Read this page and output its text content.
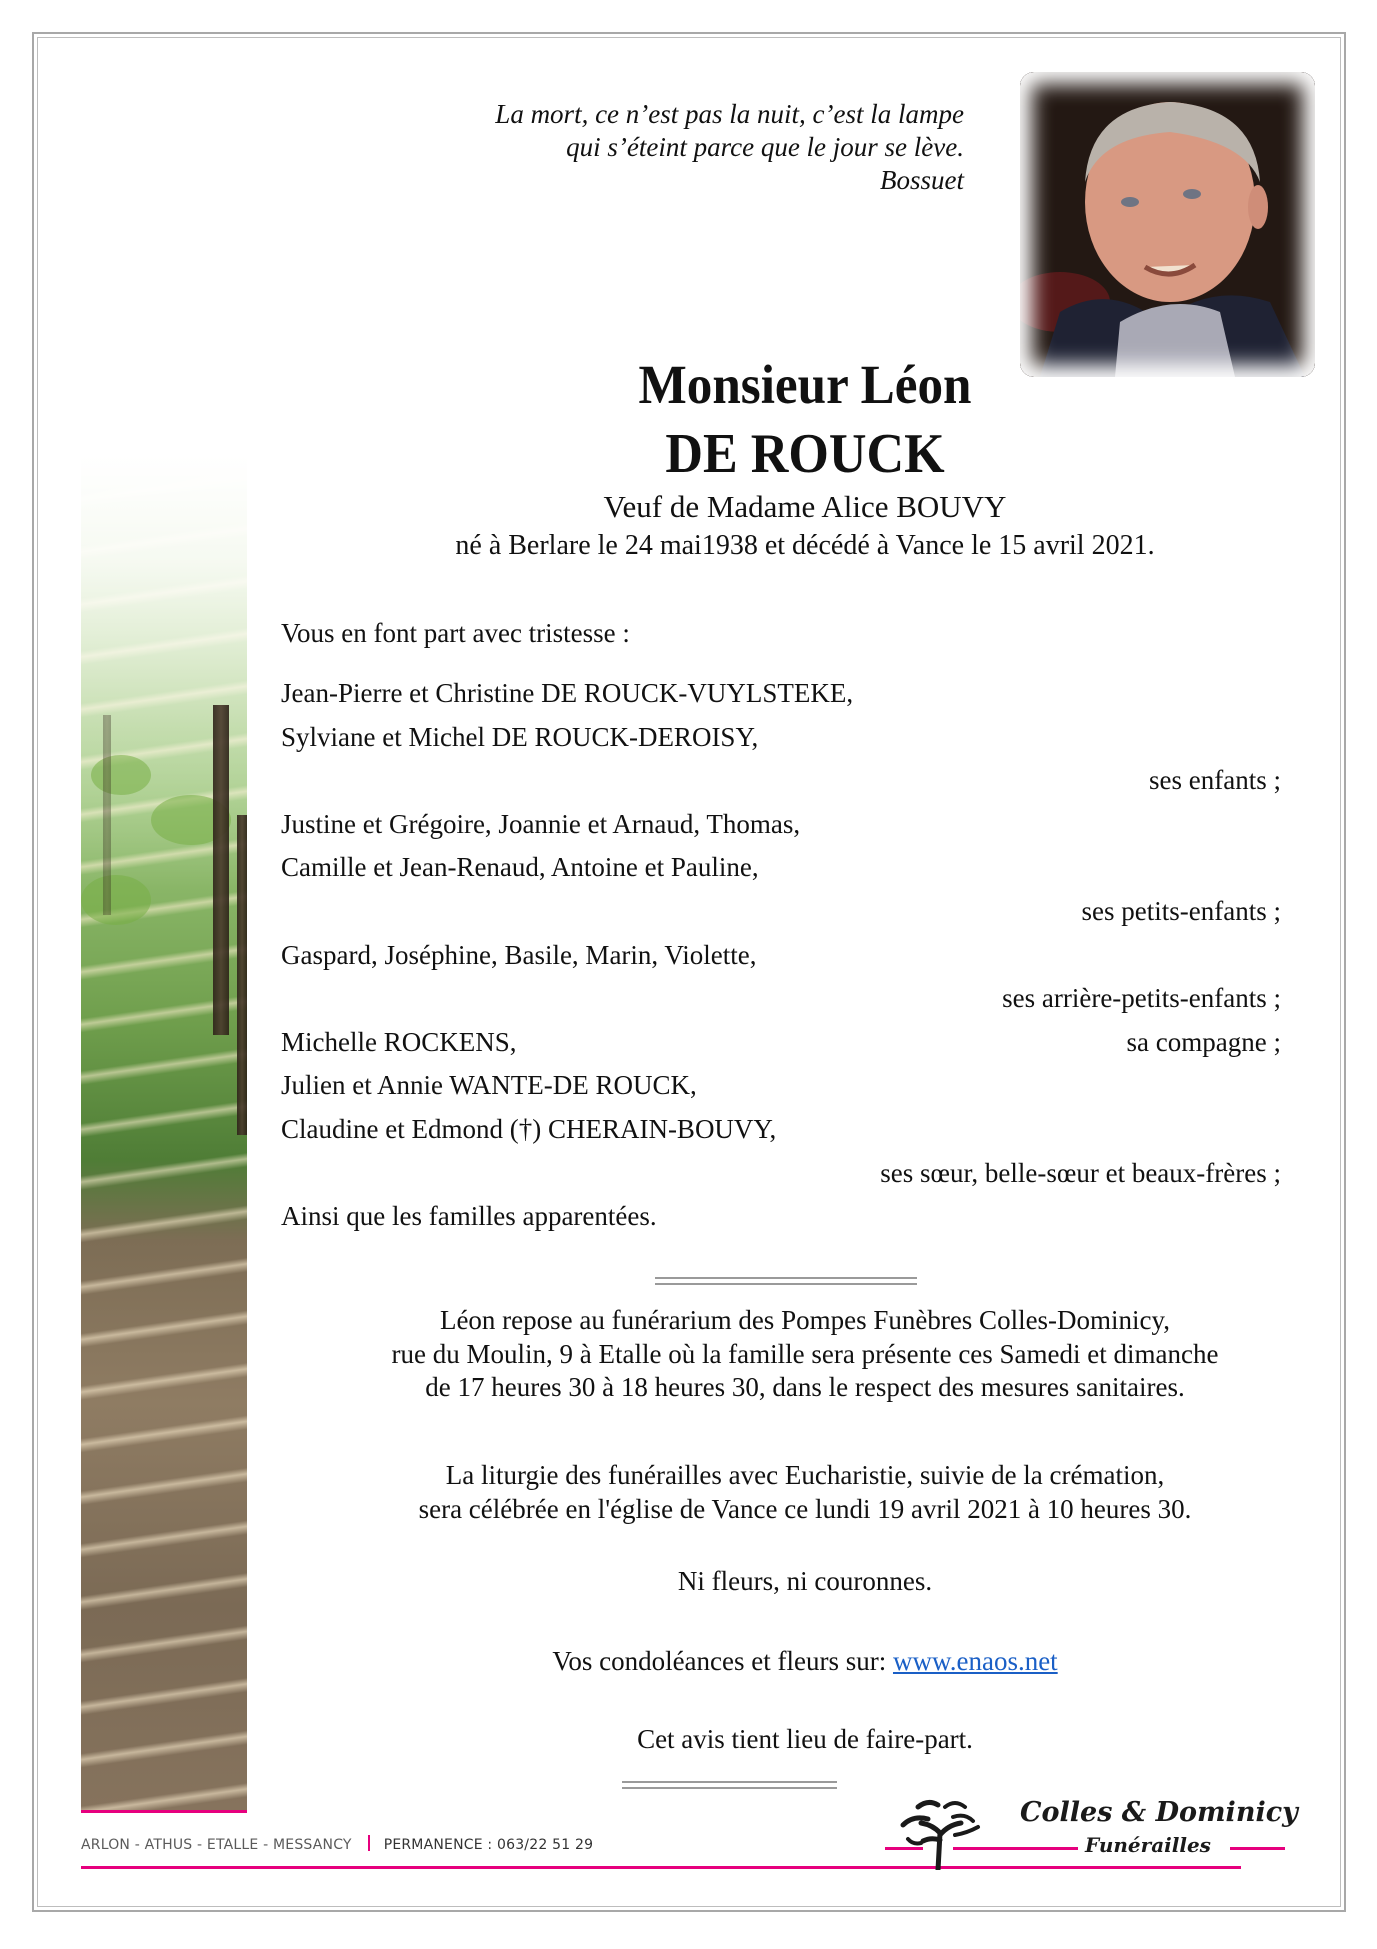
La mort, ce n’est pas la nuit, c’est la lampe
qui s’éteint parce que le jour se lève.
Bossuet
Monsieur Léon
DE ROUCK
Veuf de Madame Alice BOUVY
né à Berlare le 24 mai1938 et décédé à Vance le 15 avril 2021.
Vous en font part avec tristesse :
Jean-Pierre et Christine DE ROUCK-VUYLSTEKE,
Sylviane et Michel DE ROUCK-DEROISY,
ses enfants ;
Justine et Grégoire, Joannie et Arnaud, Thomas,
Camille et Jean-Renaud, Antoine et Pauline,
ses petits-enfants ;
Gaspard, Joséphine, Basile, Marin, Violette,
ses arrière-petits-enfants ;
Michelle ROCKENS,	sa compagne ;
Julien et Annie WANTE-DE ROUCK,
Claudine et Edmond (†) CHERAIN-BOUVY,
ses sœur, belle-sœur et beaux-frères ;
Ainsi que les familles apparentées.
Léon repose au funérarium des Pompes Funèbres Colles-Dominicy,
rue du Moulin, 9 à Etalle où la famille sera présente ces Samedi et dimanche
de 17 heures 30 à 18 heures 30, dans le respect des mesures sanitaires.
La liturgie des funérailles avec Eucharistie, suivie de la crémation,
sera célébrée en l'église de Vance ce lundi 19 avril 2021 à 10 heures 30.
Ni fleurs, ni couronnes.
Vos condoléances et fleurs sur: www.enaos.net
Cet avis tient lieu de faire-part.
ARLON - ATHUS - ETALLE - MESSANCY PERMANENCE : 063/22 51 29
Colles & Dominicy
Funérailles
